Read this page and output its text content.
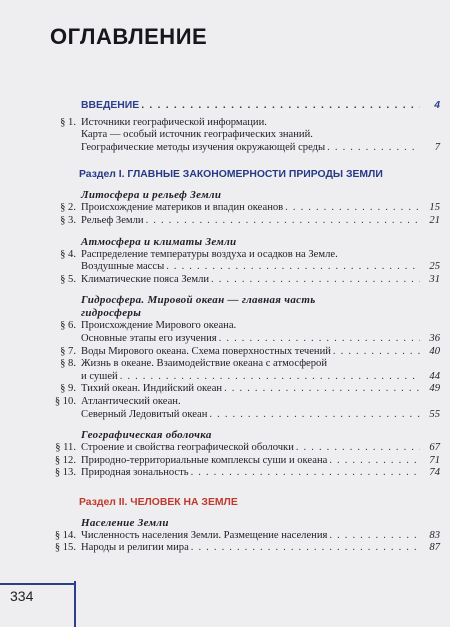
ОГЛАВЛЕНИЕ
ВВЕДЕНИЕ . . .	4
§ 1. Источники географической информации.
Карта — особый источник географических знаний.
Географические методы изучения окружающей среды . . .	7
Раздел I. ГЛАВНЫЕ ЗАКОНОМЕРНОСТИ ПРИРОДЫ ЗЕМЛИ
Литосфера и рельеф Земли
§ 2. Происхождение материков и впадин океанов . . .	15
§ 3. Рельеф Земли . . .	21
Атмосфера и климаты Земли
§ 4. Распределение температуры воздуха и осадков на Земле.
Воздушные массы . . .	25
§ 5. Климатические пояса Земли . . .	31
Гидросфера. Мировой океан — главная часть
гидросферы
§ 6. Происхождение Мирового океана.
Основные этапы его изучения . . .	36
§ 7. Воды Мирового океана. Схема поверхностных течений . . .	40
§ 8. Жизнь в океане. Взаимодействие океана с атмосферой
и сушей . . .	44
§ 9. Тихий океан. Индийский океан . . .	49
§ 10. Атлантический океан.
Северный Ледовитый океан . . .	55
Географическая оболочка
§ 11. Строение и свойства географической оболочки . . .	67
§ 12. Природно-территориальные комплексы суши и океана . . .	71
§ 13. Природная зональность . . .	74
Раздел II. ЧЕЛОВЕК НА ЗЕМЛЕ
Население Земли
§ 14. Численность населения Земли. Размещение населения . . .	83
§ 15. Народы и религии мира . . .	87
334
